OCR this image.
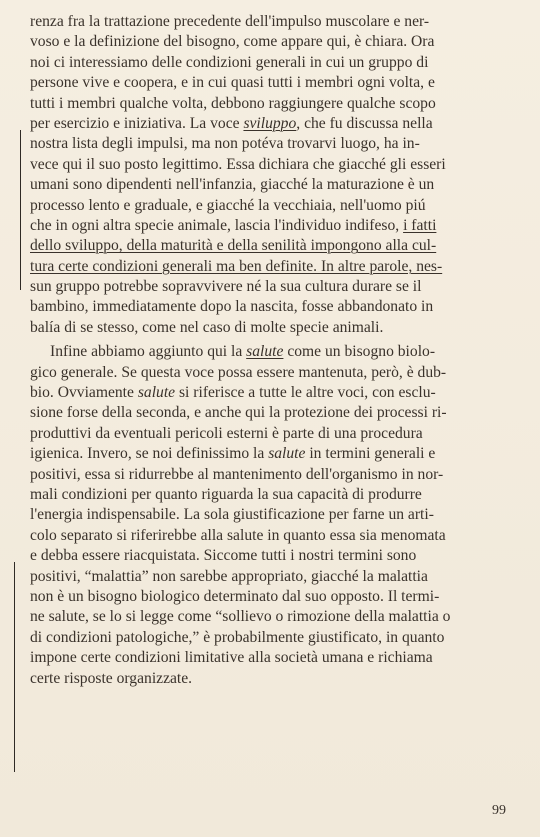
renza fra la trattazione precedente dell'impulso muscolare e ner-
voso e la definizione del bisogno, come appare qui, è chiara. Ora
noi ci interessiamo delle condizioni generali in cui un gruppo di
persone vive e coopera, e in cui quasi tutti i membri ogni volta, e
tutti i membri qualche volta, debbono raggiungere qualche scopo
per esercizio e iniziativa. La voce sviluppo, che fu discussa nella
nostra lista degli impulsi, ma non potéva trovarvi luogo, ha in-
vece qui il suo posto legittimo. Essa dichiara che giacché gli esseri
umani sono dipendenti nell'infanzia, giacché la maturazione è un
processo lento e graduale, e giacché la vecchiaia, nell'uomo piú
che in ogni altra specie animale, lascia l'individuo indifeso, i fatti
dello sviluppo, della maturità e della senilità impongono alla cul-
tura certe condizioni generali ma ben definite. In altre parole, nes-
sun gruppo potrebbe sopravvivere né la sua cultura durare se il
bambino, immediatamente dopo la nascita, fosse abbandonato in
balía di se stesso, come nel caso di molte specie animali.
Infine abbiamo aggiunto qui la salute come un bisogno biolo-
gico generale. Se questa voce possa essere mantenuta, però, è dub-
bio. Ovviamente salute si riferisce a tutte le altre voci, con esclu-
sione forse della seconda, e anche qui la protezione dei processi ri-
produttivi da eventuali pericoli esterni è parte di una procedura
igienica. Invero, se noi definissimo la salute in termini generali e
positivi, essa si ridurrebbe al mantenimento dell'organismo in nor-
mali condizioni per quanto riguarda la sua capacità di produrre
l'energia indispensabile. La sola giustificazione per farne un arti-
colo separato si riferirebbe alla salute in quanto essa sia menomata
e debba essere riacquistata. Siccome tutti i nostri termini sono
positivi, “malattia” non sarebbe appropriato, giacché la malattia
non è un bisogno biologico determinato dal suo opposto. Il termi-
ne salute, se lo si legge come “sollievo o rimozione della malattia o
di condizioni patologiche,” è probabilmente giustificato, in quanto
impone certe condizioni limitative alla società umana e richiama
certe risposte organizzate.
99
